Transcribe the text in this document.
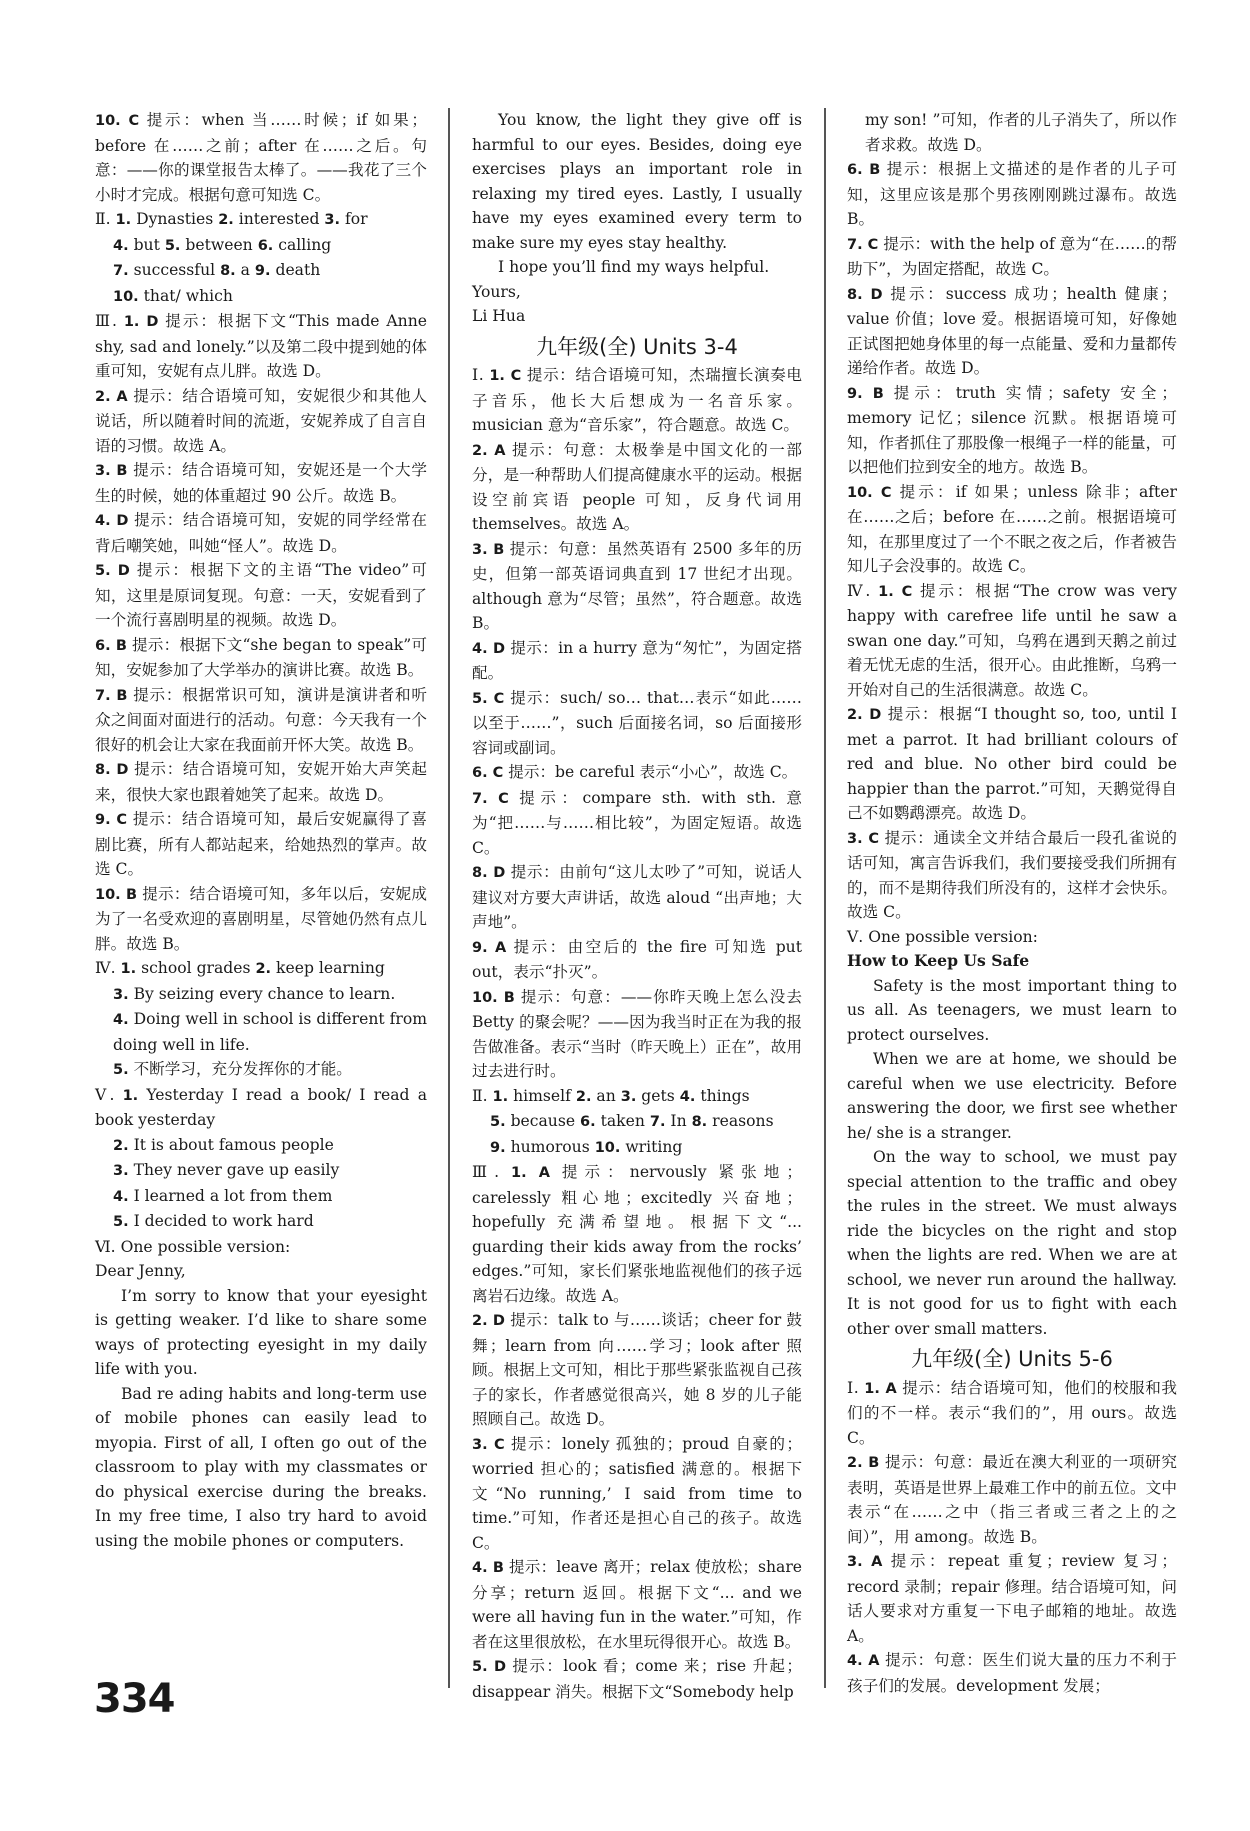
10. C 提示：when 当……时候；if 如果；before 在……之前；after 在……之后。句意：——你的课堂报告太棒了。——我花了三个小时才完成。根据句意可知选 C。

Ⅱ. 1. Dynasties 2. interested 3. for

4. but 5. between 6. calling

7. successful 8. a 9. death

10. that/ which

Ⅲ. 1. D 提示：根据下文“This made Anne shy, sad and lonely.”以及第二段中提到她的体重可知，安妮有点儿胖。故选 D。

2. A 提示：结合语境可知，安妮很少和其他人说话，所以随着时间的流逝，安妮养成了自言自语的习惯。故选 A。

3. B 提示：结合语境可知，安妮还是一个大学生的时候，她的体重超过 90 公斤。故选 B。

4. D 提示：结合语境可知，安妮的同学经常在背后嘲笑她，叫她“怪人”。故选 D。

5. D 提示：根据下文的主语“The video”可知，这里是原词复现。句意：一天，安妮看到了一个流行喜剧明星的视频。故选 D。

6. B 提示：根据下文“she began to speak”可知，安妮参加了大学举办的演讲比赛。故选 B。

7. B 提示：根据常识可知，演讲是演讲者和听众之间面对面进行的活动。句意：今天我有一个很好的机会让大家在我面前开怀大笑。故选 B。

8. D 提示：结合语境可知，安妮开始大声笑起来，很快大家也跟着她笑了起来。故选 D。

9. C 提示：结合语境可知，最后安妮赢得了喜剧比赛，所有人都站起来，给她热烈的掌声。故选 C。

10. B 提示：结合语境可知，多年以后，安妮成为了一名受欢迎的喜剧明星，尽管她仍然有点儿胖。故选 B。

Ⅳ. 1. school grades 2. keep learning

3. By seizing every chance to learn.

4. Doing well in school is different from doing well in life.

5. 不断学习，充分发挥你的才能。

Ⅴ. 1. Yesterday I read a book/ I read a book yesterday

2. It is about famous people

3. They never gave up easily

4. I learned a lot from them

5. I decided to work hard

Ⅵ. One possible version:

Dear Jenny,

I’m sorry to know that your eyesight is getting weaker. I’d like to share some ways of protecting eyesight in my daily life with you.

Bad re ading habits and long-term use of mobile phones can easily lead to myopia. First of all, I often go out of the classroom to play with my classmates or do physical exercise during the breaks. In my free time, I also try hard to avoid using the mobile phones or computers.

You know, the light they give off is harmful to our eyes. Besides, doing eye exercises plays an important role in relaxing my tired eyes. Lastly, I usually have my eyes examined every term to make sure my eyes stay healthy.

I hope you’ll find my ways helpful.

Yours,

Li Hua

九年级(全) Units 3-4

Ⅰ. 1. C 提示：结合语境可知，杰瑞擅长演奏电子音乐，他长大后想成为一名音乐家。musician 意为“音乐家”，符合题意。故选 C。

2. A 提示：句意：太极拳是中国文化的一部分，是一种帮助人们提高健康水平的运动。根据设空前宾语 people 可知，反身代词用 themselves。故选 A。

3. B 提示：句意：虽然英语有 2500 多年的历史，但第一部英语词典直到 17 世纪才出现。although 意为“尽管；虽然”，符合题意。故选 B。

4. D 提示：in a hurry 意为“匆忙”，为固定搭配。

5. C 提示：such/ so… that…表示“如此……以至于……”，such 后面接名词，so 后面接形容词或副词。

6. C 提示：be careful 表示“小心”，故选 C。

7. C 提示：compare sth. with sth. 意为“把……与……相比较”，为固定短语。故选 C。

8. D 提示：由前句“这儿太吵了”可知，说话人建议对方要大声讲话，故选 aloud “出声地；大声地”。

9. A 提示：由空后的 the fire 可知选 put out，表示“扑灭”。

10. B 提示：句意：——你昨天晚上怎么没去 Betty 的聚会呢？——因为我当时正在为我的报告做准备。表示“当时（昨天晚上）正在”，故用过去进行时。

Ⅱ. 1. himself 2. an 3. gets 4. things

5. because 6. taken 7. In 8. reasons

9. humorous 10. writing

Ⅲ. 1. A 提示：nervously 紧张地；carelessly 粗心地；excitedly 兴奋地；hopefully 充满希望地。根据下文“... guarding their kids away from the rocks’ edges.”可知，家长们紧张地监视他们的孩子远离岩石边缘。故选 A。

2. D 提示：talk to 与……谈话；cheer for 鼓舞；learn from 向……学习；look after 照顾。根据上文可知，相比于那些紧张监视自己孩子的家长，作者感觉很高兴，她 8 岁的儿子能照顾自己。故选 D。

3. C 提示：lonely 孤独的；proud 自豪的；worried 担心的；satisfied 满意的。根据下文“No running,’ I said from time to time.”可知，作者还是担心自己的孩子。故选 C。

4. B 提示：leave 离开；relax 使放松；share 分享；return 返回。根据下文“... and we were all having fun in the water.”可知，作者在这里很放松，在水里玩得很开心。故选 B。

5. D 提示：look 看；come 来；rise 升起；disappear 消失。根据下文“Somebody help

my son! ”可知，作者的儿子消失了，所以作者求救。故选 D。

6. B 提示：根据上文描述的是作者的儿子可知，这里应该是那个男孩刚刚跳过瀑布。故选 B。

7. C 提示：with the help of 意为“在……的帮助下”，为固定搭配，故选 C。

8. D 提示：success 成功；health 健康；value 价值；love 爱。根据语境可知，好像她正试图把她身体里的每一点能量、爱和力量都传递给作者。故选 D。

9. B 提示：truth 实情；safety 安全；memory 记忆；silence 沉默。根据语境可知，作者抓住了那股像一根绳子一样的能量，可以把他们拉到安全的地方。故选 B。

10. C 提示：if 如果；unless 除非；after 在……之后；before 在……之前。根据语境可知，在那里度过了一个不眠之夜之后，作者被告知儿子会没事的。故选 C。

Ⅳ. 1. C 提示：根据“The crow was very happy with carefree life until he saw a swan one day.”可知，乌鸦在遇到天鹅之前过着无忧无虑的生活，很开心。由此推断，乌鸦一开始对自己的生活很满意。故选 C。

2. D 提示：根据“I thought so, too, until I met a parrot. It had brilliant colours of red and blue. No other bird could be happier than the parrot.”可知，天鹅觉得自己不如鹦鹉漂亮。故选 D。

3. C 提示：通读全文并结合最后一段孔雀说的话可知，寓言告诉我们，我们要接受我们所拥有的，而不是期待我们所没有的，这样才会快乐。故选 C。

Ⅴ. One possible version:

How to Keep Us Safe

Safety is the most important thing to us all. As teenagers, we must learn to protect ourselves.

When we are at home, we should be careful when we use electricity. Before answering the door, we first see whether he/ she is a stranger.

On the way to school, we must pay special attention to the traffic and obey the rules in the street. We must always ride the bicycles on the right and stop when the lights are red. When we are at school, we never run around the hallway. It is not good for us to fight with each other over small matters.

九年级(全) Units 5-6

Ⅰ. 1. A 提示：结合语境可知，他们的校服和我们的不一样。表示“我们的”，用 ours。故选 C。

2. B 提示：句意：最近在澳大利亚的一项研究表明，英语是世界上最难工作中的前五位。文中表示“在……之中（指三者或三者之上的之间）”，用 among。故选 B。

3. A 提示：repeat 重复；review 复习；record 录制；repair 修理。结合语境可知，问话人要求对方重复一下电子邮箱的地址。故选 A。

4. A 提示：句意：医生们说大量的压力不利于孩子们的发展。development 发展；

334
